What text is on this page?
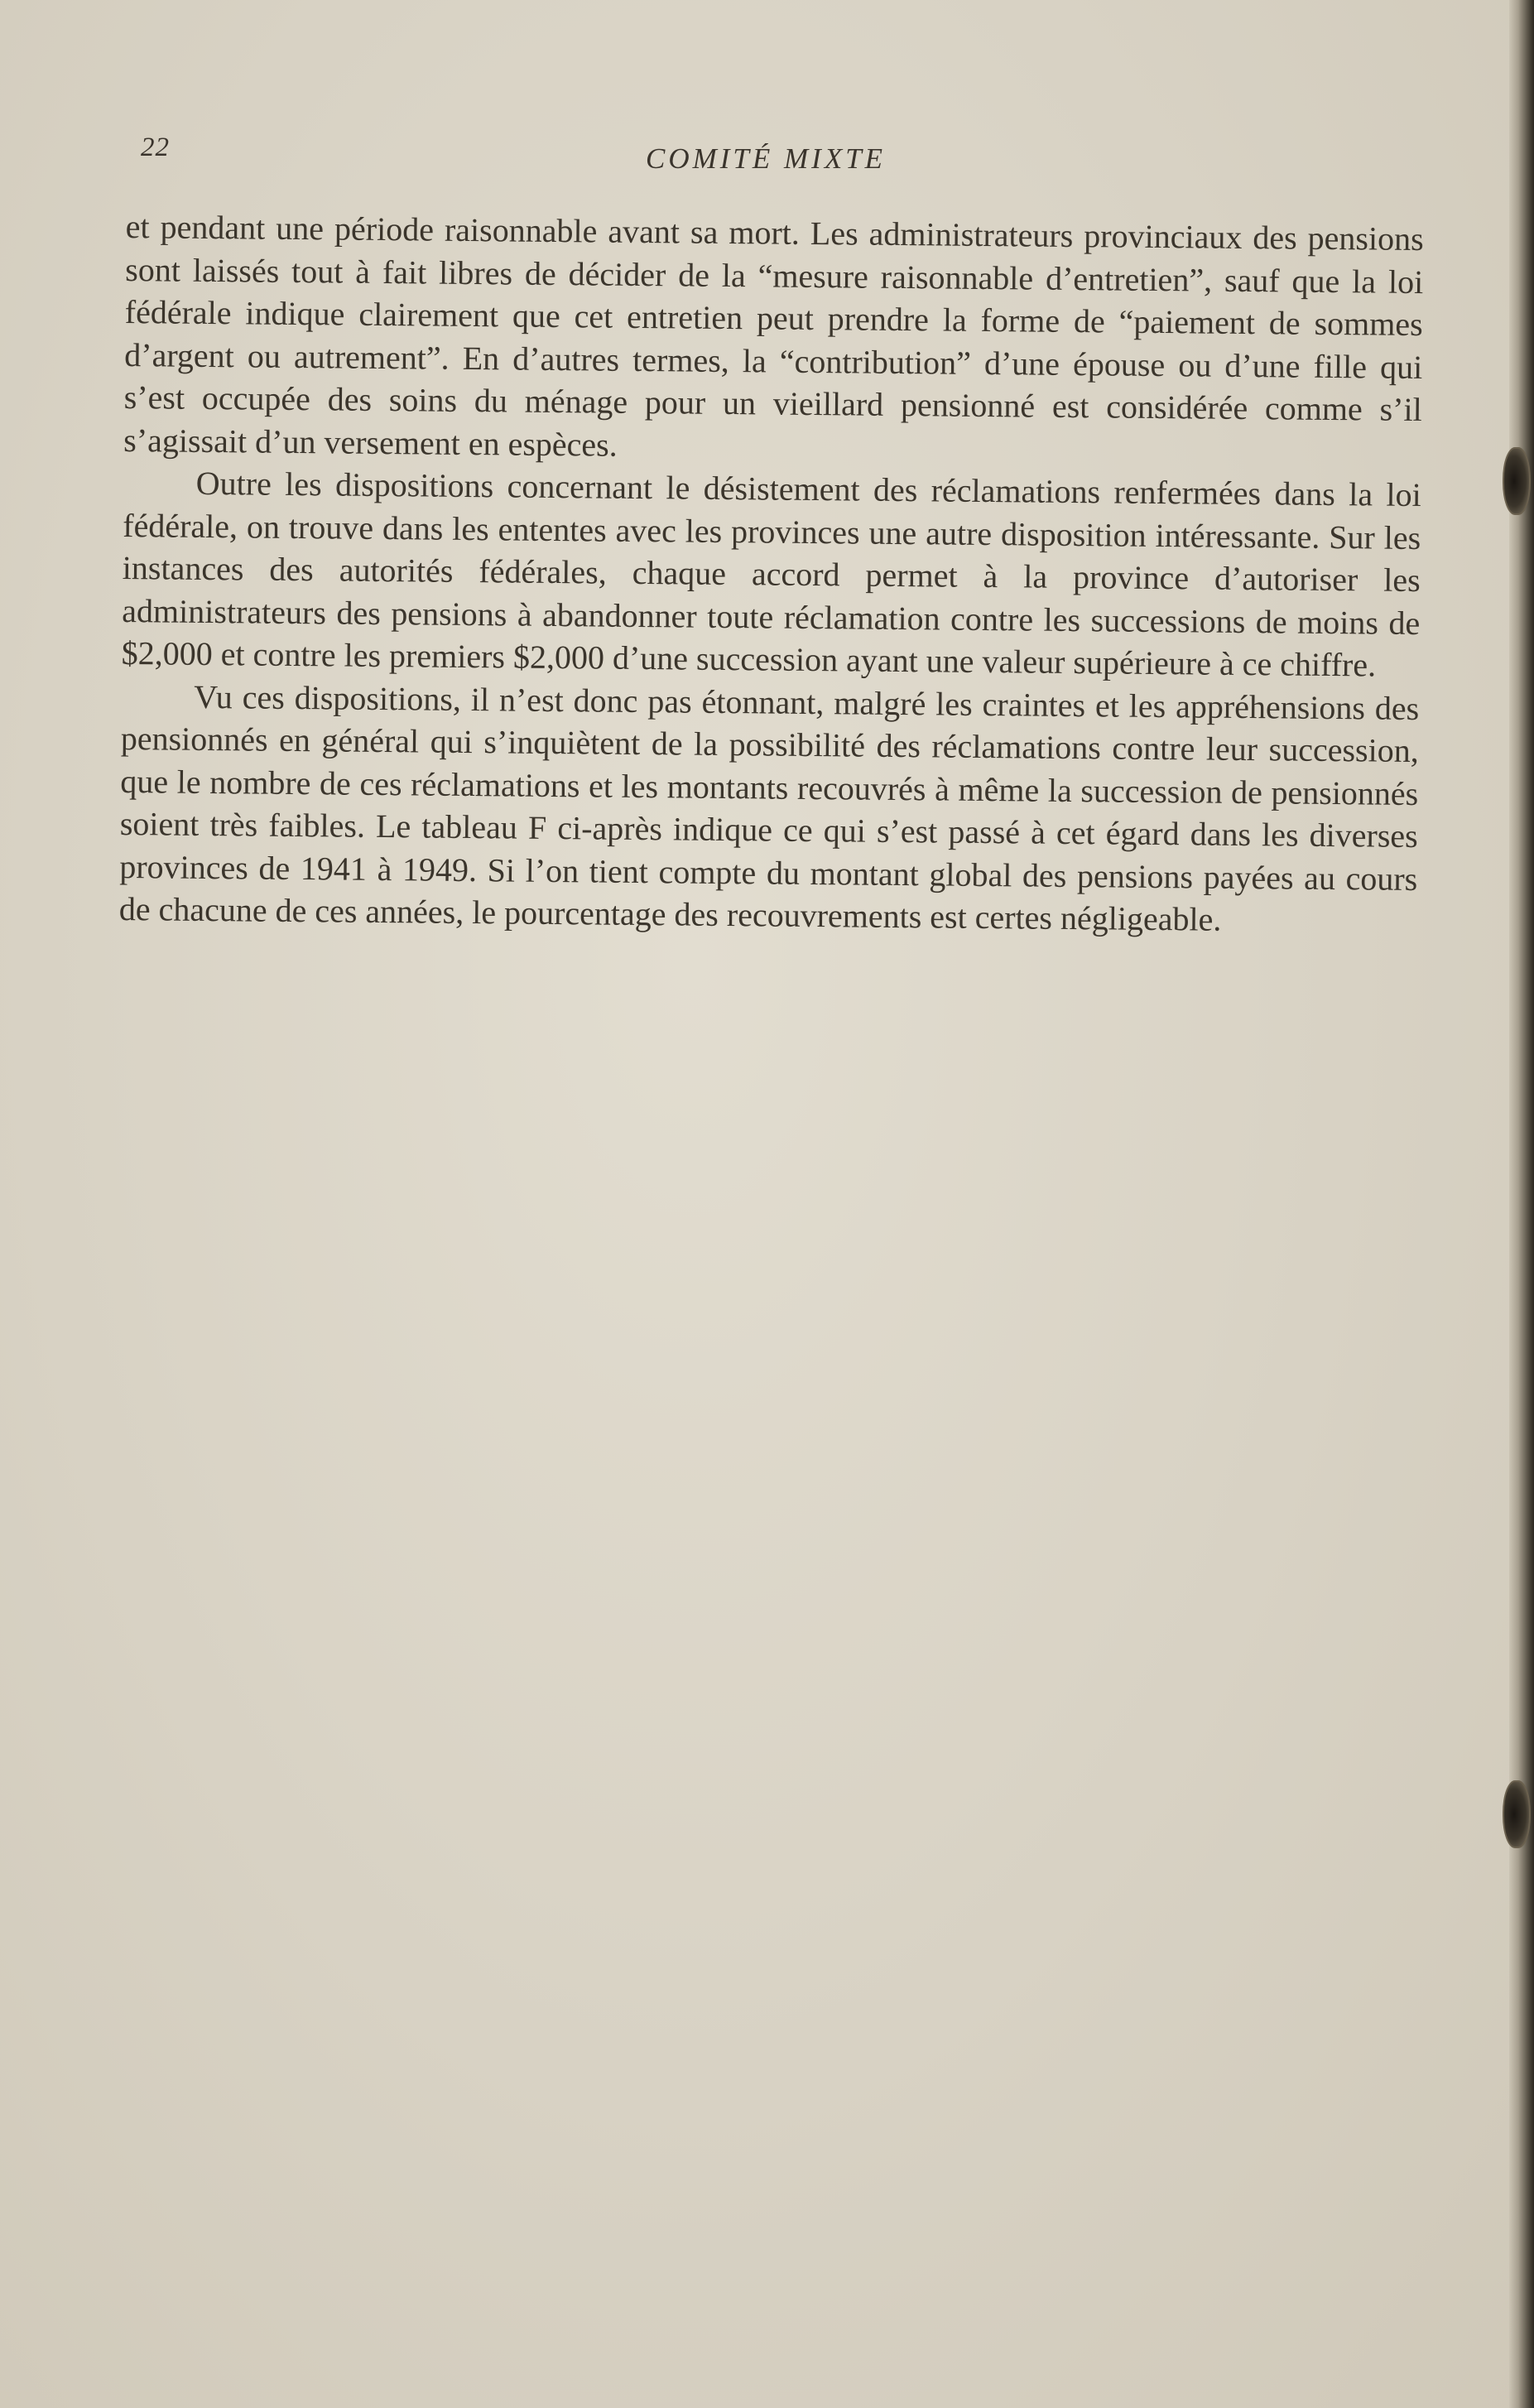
22	COMITÉ MIXTE

et pendant une période raisonnable avant sa mort. Les administrateurs provinciaux des pensions sont laissés tout à fait libres de décider de la “mesure raisonnable d’entretien”, sauf que la loi fédérale indique clairement que cet entretien peut prendre la forme de “paiement de sommes d’argent ou autrement”. En d’autres termes, la “contribution” d’une épouse ou d’une fille qui s’est occupée des soins du ménage pour un vieillard pensionné est considérée comme s’il s’agissait d’un versement en espèces.

Outre les dispositions concernant le désistement des réclamations renfermées dans la loi fédérale, on trouve dans les ententes avec les provinces une autre disposition intéressante. Sur les instances des autorités fédérales, chaque accord permet à la province d’autoriser les administrateurs des pensions à abandonner toute réclamation contre les successions de moins de $2,000 et contre les premiers $2,000 d’une succession ayant une valeur supérieure à ce chiffre.

Vu ces dispositions, il n’est donc pas étonnant, malgré les craintes et les appréhensions des pensionnés en général qui s’inquiètent de la possibilité des réclamations contre leur succession, que le nombre de ces réclamations et les montants recouvrés à même la succession de pensionnés soient très faibles. Le tableau F ci-après indique ce qui s’est passé à cet égard dans les diverses provinces de 1941 à 1949. Si l’on tient compte du montant global des pensions payées au cours de chacune de ces années, le pourcentage des recouvrements est certes négligeable.
